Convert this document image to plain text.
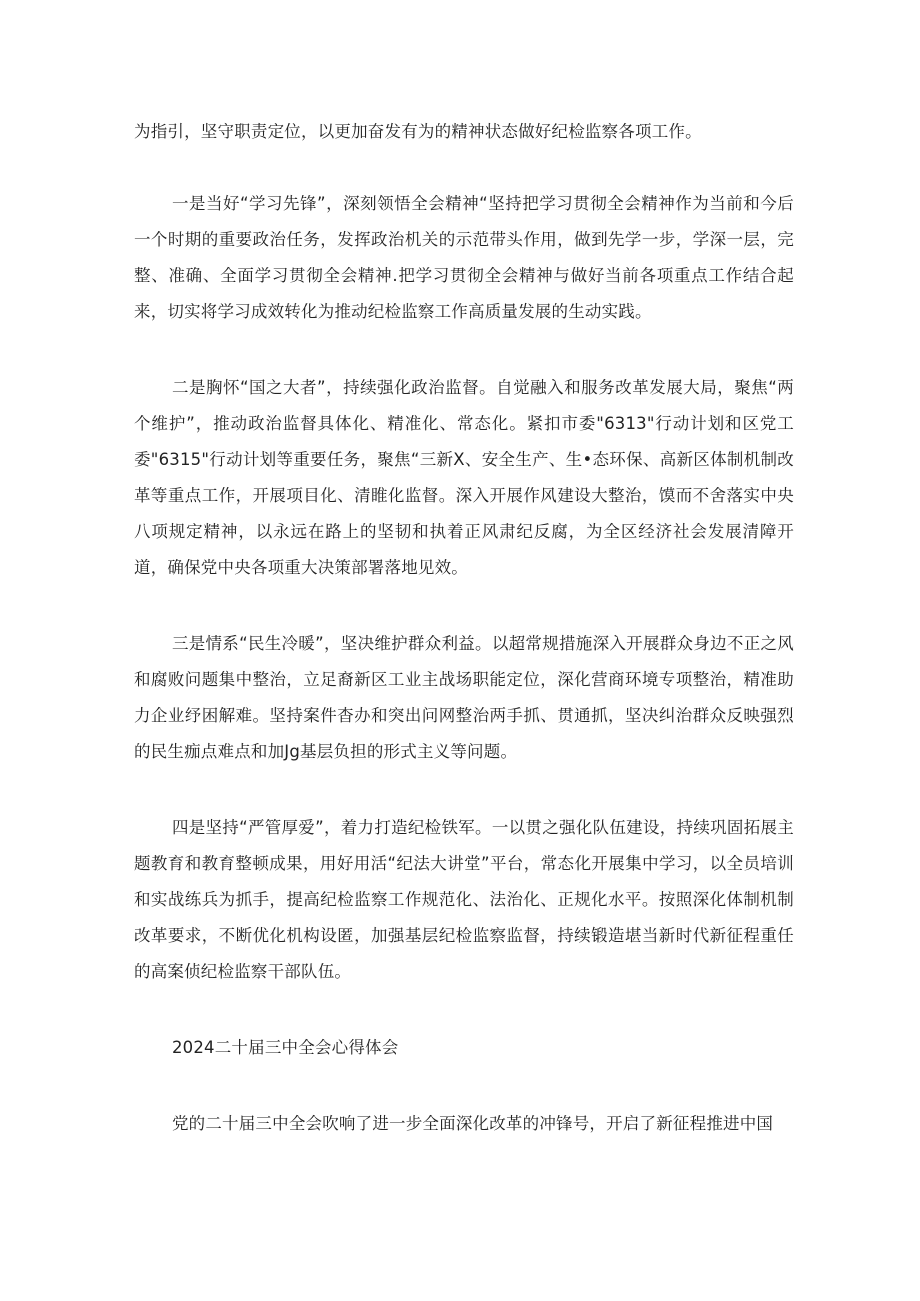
为指引，坚守职责定位，以更加奋发有为的精神状态做好纪检监察各项工作。

一是当好“学习先锋”，深刻领悟全会精神“坚持把学习贯彻全会精神作为当前和今后一个时期的重要政治任务，发挥政治机关的示范带头作用，做到先学一步，学深一层，完整、准确、全面学习贯彻全会精神.把学习贯彻全会精神与做好当前各项重点工作结合起来，切实将学习成效转化为推动纪检监察工作高质量发展的生动实践。

二是胸怀“国之大者”，持续强化政治监督。自觉融入和服务改革发展大局，聚焦“两个维护”，推动政治监督具体化、精准化、常态化。紧扣市委"6313"行动计划和区党工委"6315"行动计划等重要任务，聚焦“三新X、安全生产、生•态环保、高新区体制机制改革等重点工作，开展项目化、清睢化监督。深入开展作风建设大整治，馍而不舍落实中央八项规定精神，以永远在路上的坚韧和执着正风肃纪反腐，为全区经济社会发展清障开道，确保党中央各项重大决策部署落地见效。

三是情系“民生冷暖”，坚决维护群众利益。以超常规措施深入开展群众身边不正之风和腐败问题集中整治，立足裔新区工业主战场职能定位，深化营商环境专项整治，精准助力企业纾困解难。坚持案件杳办和突出问网整治两手抓、贯通抓，坚决纠治群众反映强烈的民生痂点难点和加Jg基层负担的形式主义等问题。

四是坚持“严管厚爱”，着力打造纪检铁军。一以贯之强化队伍建设，持续巩固拓展主题教育和教育整顿成果，用好用活“纪法大讲堂”平台，常态化开展集中学习，以全员培训和实战练兵为抓手，提高纪检监察工作规范化、法治化、正规化水平。按照深化体制机制改革要求，不断优化机构设匿，加强基层纪检监察监督，持续锻造堪当新时代新征程重任的高案侦纪检监察干部队伍。

2024二十届三中全会心得体会

党的二十届三中全会吹响了进一步全面深化改革的冲锋号，开启了新征程推进中国
